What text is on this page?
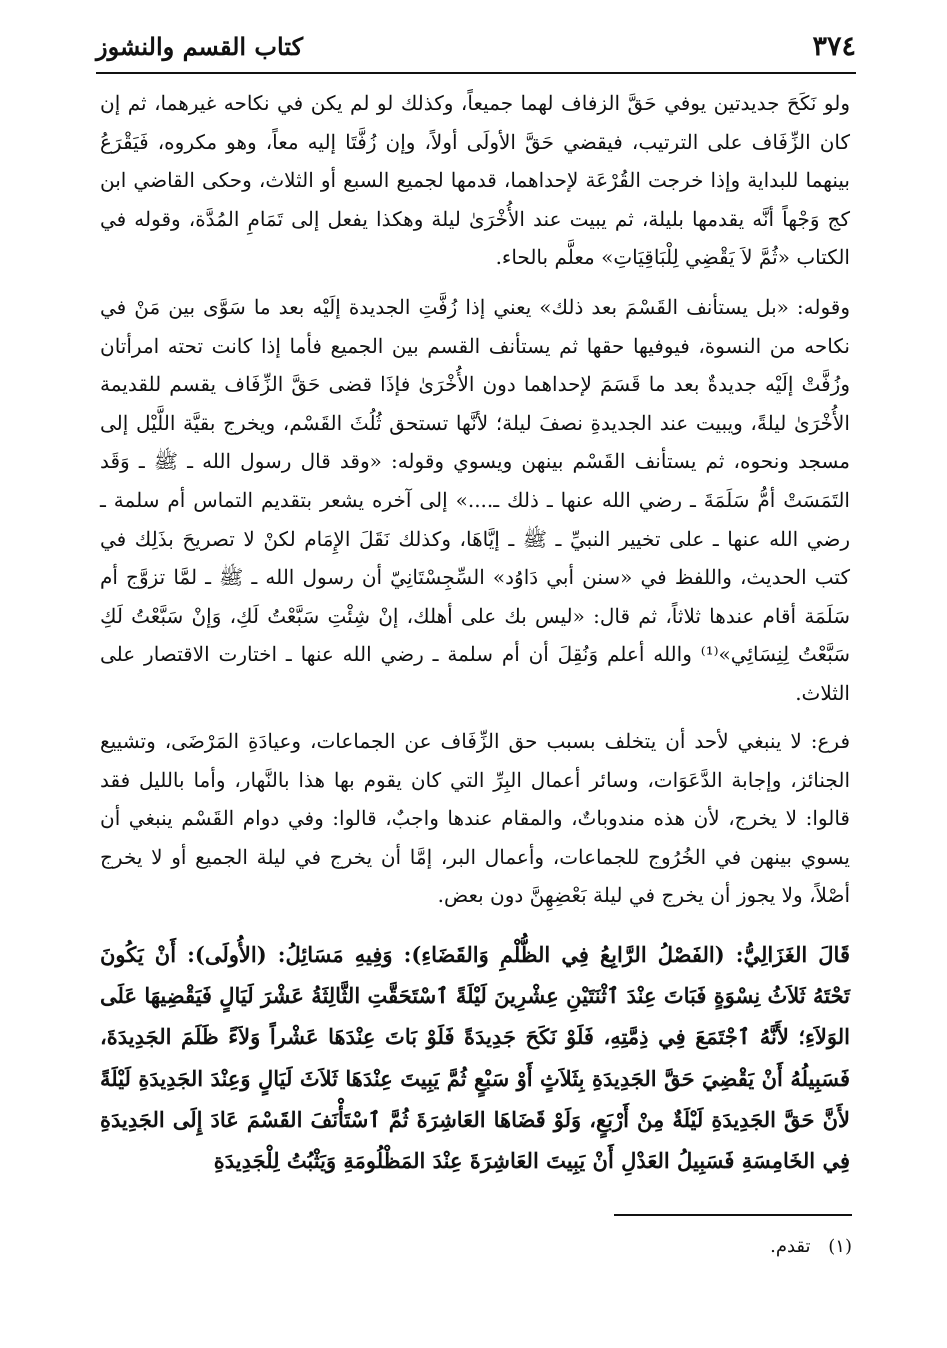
٣٧٤
كتاب القسم والنشوز

ولو نَكَحَ جديدتين يوفي حَقَّ الزفاف لهما جميعاً، وكذلك لو لم يكن في نكاحه غيرهما، ثم إن كان الزِّفَاف على الترتيب، فيقضي حَقَّ الأولَى أولاً، وإن زُفَّتَا إليه معاً، وهو مكروه، فَيَقْرَعُ بينهما للبداية وإذا خرجت القُرْعَة لإحداهما، قدمها لجميع السبع أو الثلاث، وحكى القاضي ابن كج وَجْهاً أنَّه يقدمها بليلة، ثم يبيت عند الأُخْرَىٰ ليلة وهكذا يفعل إلى تَمَامِ المُدَّة، وقوله في الكتاب «ثُمَّ لاَ يَقْضِي لِلْبَاقِيَاتِ» معلَّم بالحاء.

وقوله: «بل يستأنف القَسْمَ بعد ذلك» يعني إذا زُفَّتِ الجديدة إلَيْه بعد ما سَوَّى بين مَنْ في نكاحه من النسوة، فيوفيها حقها ثم يستأنف القسم بين الجميع فأما إذا كانت تحته امرأتان وزُفَّتْ إلَيْه جديدةٌ بعد ما قَسَمَ لإحداهما دون الأُخْرَىٰ فإذَا قضى حَقَّ الزِّفَاف يقسم للقديمة الأُخْرَىٰ ليلةً، ويبيت عند الجديدةِ نصفَ ليلة؛ لأنَّها تستحق ثُلُثَ القَسْم، ويخرج بقيَّة اللَّيْل إلى مسجد ونحوه، ثم يستأنف القَسْم بينهن ويسوي وقوله: «وقد قال رسول الله ـ ﷺ ـ وَقَد التَمَسَتْ أمُّ سَلَمَةَ ـ رضي الله عنها ـ ذلك ـ....» إلى آخره يشعر بتقديم التماس أم سلمة ـ رضي الله عنها ـ على تخيير النبيِّ ـ ﷺ ـ إيَّاهَا، وكذلك نَقَلَ الإِمَام لكنْ لا تصريحَ بذَلِك في كتب الحديث، واللفظ في «سنن أبي دَاوُد» السِّجِسْتَانِيّ أن رسول الله ـ ﷺ ـ لمَّا تزوَّج أم سَلَمَة أقام عندها ثلاثاً، ثم قال: «ليس بك على أهلك، إنْ شِئْتِ سَبَّعْتُ لَكِ، وَإنْ سَبَّعْتُ لَكِ سَبَّعْتُ لِنِسَائِي»⁽¹⁾ والله أعلم وَنُقِلَ أن أم سلمة ـ رضي الله عنها ـ اختارت الاقتصار على الثلاث.

فرع: لا ينبغي لأحد أن يتخلف بسبب حق الزِّفَاف عن الجماعات، وعيادَةِ المَرْضَى، وتشييع الجنائز، وإجابة الدَّعَوَات، وسائر أعمال البِرِّ التي كان يقوم بها هذا بالنَّهار، وأما بالليل فقد قالوا: لا يخرج، لأن هذه مندوباتٌ، والمقام عندها واجبٌ، قالوا: وفي دوام القَسْم ينبغي أن يسوي بينهن في الخُرُوج للجماعات، وأعمال البر، إمَّا أن يخرج في ليلة الجميع أو لا يخرج أصْلاً، ولا يجوز أن يخرج في ليلة بَعْضِهِنَّ دون بعض.

قَالَ الغَزَالِيُّ: (الفَصْلُ الرَّابِعُ فِي الظُّلْمِ وَالقَضَاءِ): وَفِيهِ مَسَائِلُ: (الأُولَى): أَنْ يَكُونَ تَحْتَهُ ثَلاَثُ نِسْوَةٍ فَبَاتَ عِنْدَ ٱثْنَتَيْنِ عِشْرِينَ لَيْلَةً ٱسْتَحَقَّتِ الثَّالِثَةُ عَشْرَ لَيَالٍ فَيَقْضِيهَا عَلَى الوَلاَءِ؛ لأَنَّهُ ٱجْتَمَعَ فِي ذِمَّتِهِ، فَلَوْ نَكَحَ جَدِيدَةً فَلَوْ بَاتَ عِنْدَهَا عَشْراً وَلاَءً ظَلَمَ الجَدِيدَةَ، فَسَبِيلُهُ أَنْ يَقْضِيَ حَقَّ الجَدِيدَةِ بِثَلاَثٍ أَوْ سَبْعٍ ثُمَّ يَبِيتَ عِنْدَهَا ثَلاَثَ لَيَالٍ وَعِنْدَ الجَدِيدَةِ لَيْلَةً لأَنَّ حَقَّ الجَدِيدَةِ لَيْلَةٌ مِنْ أَرْبَعٍ، وَلَوْ قَضَاهَا العَاشِرَةَ ثُمَّ ٱسْتَأْنَفَ القَسْمَ عَادَ إِلَى الجَدِيدَةِ فِي الخَامِسَةِ فَسَبِيلُ العَدْلِ أَنْ يَبِيتَ العَاشِرَةَ عِنْدَ المَظْلُومَةِ وَيَثْبُتُ لِلْجَدِيدَةِ

(١) تقدم.
